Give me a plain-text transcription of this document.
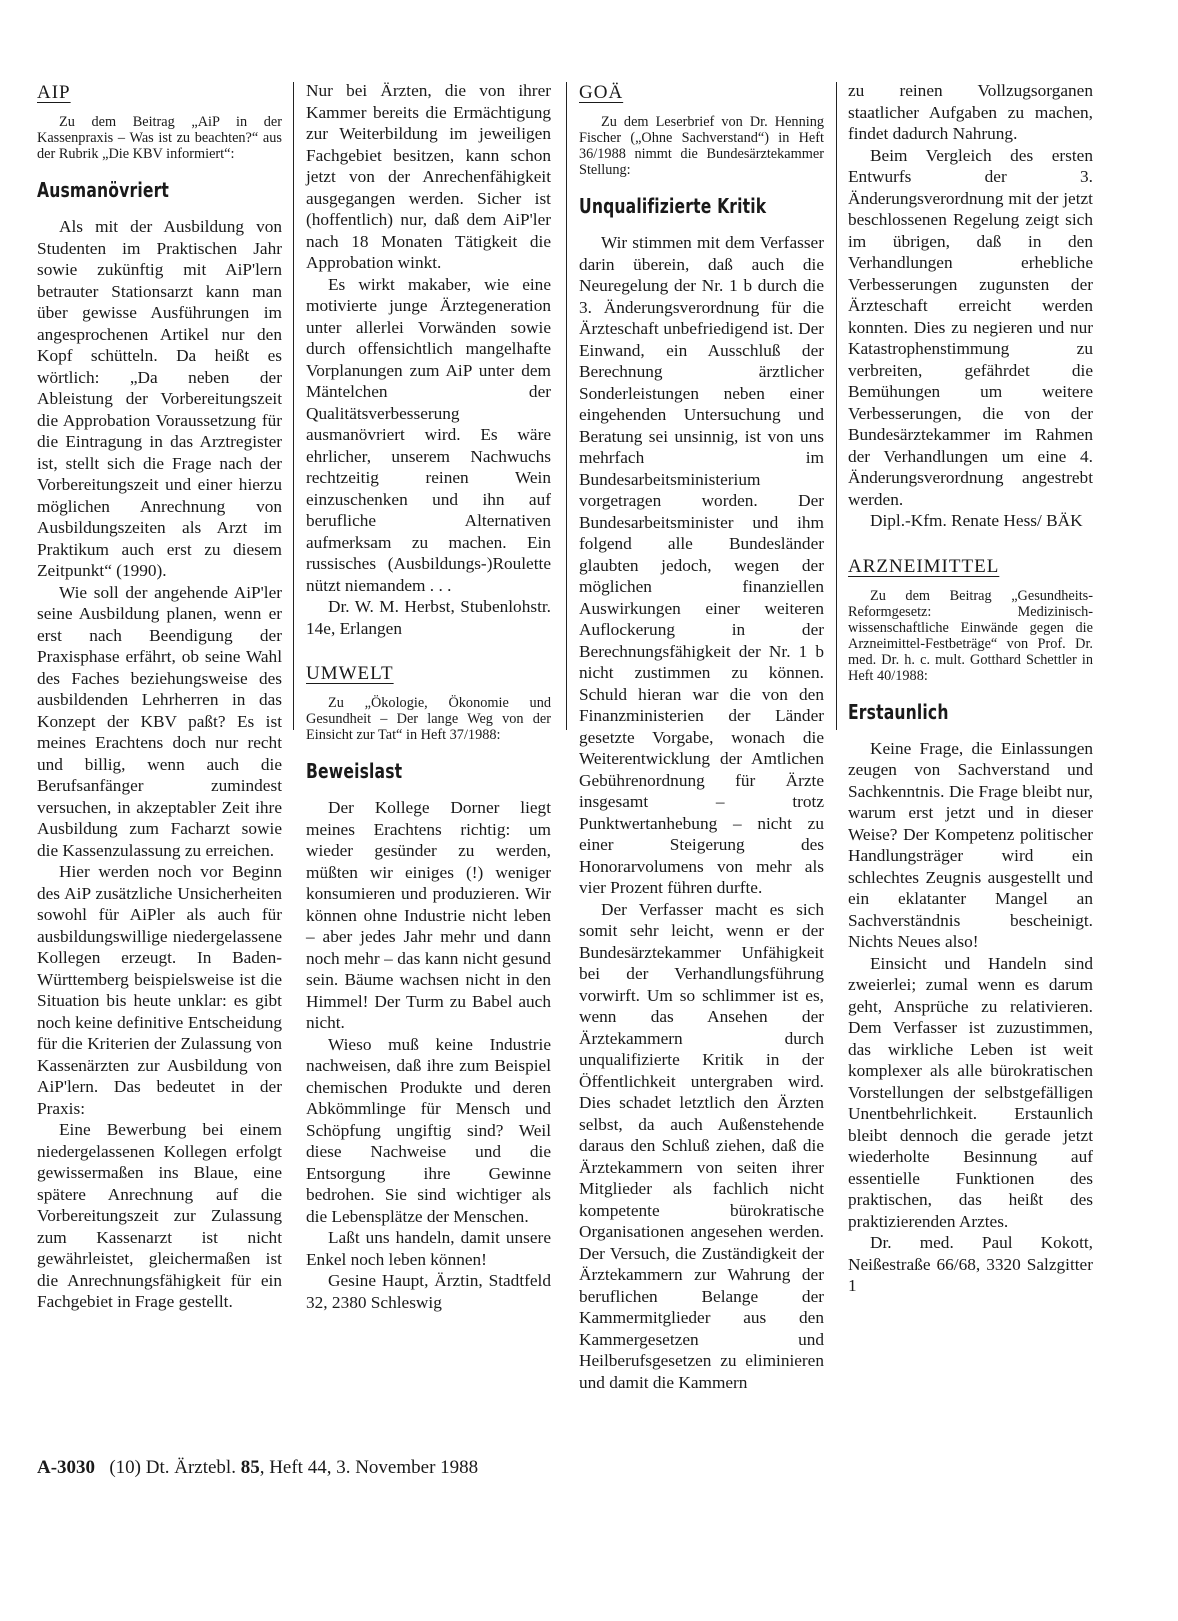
AIP

Zu dem Beitrag „AiP in der Kassenpraxis – Was ist zu beachten?“ aus der Rubrik „Die KBV informiert“:

Ausmanövriert

Als mit der Ausbildung von Studenten im Praktischen Jahr sowie zukünftig mit AiP'lern betrauter Stationsarzt kann man über gewisse Ausführungen im angesprochenen Artikel nur den Kopf schütteln. Da heißt es wörtlich: „Da neben der Ableistung der Vorbereitungszeit die Approbation Voraussetzung für die Eintragung in das Arztregister ist, stellt sich die Frage nach der Vorbereitungszeit und einer hierzu möglichen Anrechnung von Ausbildungszeiten als Arzt im Praktikum auch erst zu diesem Zeitpunkt“ (1990).

Wie soll der angehende AiP'ler seine Ausbildung planen, wenn er erst nach Beendigung der Praxisphase erfährt, ob seine Wahl des Faches beziehungsweise des ausbildenden Lehrherren in das Konzept der KBV paßt? Es ist meines Erachtens doch nur recht und billig, wenn auch die Berufsanfänger zumindest versuchen, in akzeptabler Zeit ihre Ausbildung zum Facharzt sowie die Kassenzulassung zu erreichen.

Hier werden noch vor Beginn des AiP zusätzliche Unsicherheiten sowohl für AiPler als auch für ausbildungswillige niedergelassene Kollegen erzeugt. In Baden-Württemberg beispielsweise ist die Situation bis heute unklar: es gibt noch keine definitive Entscheidung für die Kriterien der Zulassung von Kassenärzten zur Ausbildung von AiP'lern. Das bedeutet in der Praxis:

Eine Bewerbung bei einem niedergelassenen Kollegen erfolgt gewissermaßen ins Blaue, eine spätere Anrechnung auf die Vorbereitungszeit zur Zulassung zum Kassenarzt ist nicht gewährleistet, gleichermaßen ist die Anrechnungsfähigkeit für ein Fachgebiet in Frage gestellt.

Nur bei Ärzten, die von ihrer Kammer bereits die Ermächtigung zur Weiterbildung im jeweiligen Fachgebiet besitzen, kann schon jetzt von der Anrechenfähigkeit ausgegangen werden. Sicher ist (hoffentlich) nur, daß dem AiP'ler nach 18 Monaten Tätigkeit die Approbation winkt.

Es wirkt makaber, wie eine motivierte junge Ärztegeneration unter allerlei Vorwänden sowie durch offensichtlich mangelhafte Vorplanungen zum AiP unter dem Mäntelchen der Qualitätsverbesserung ausmanövriert wird. Es wäre ehrlicher, unserem Nachwuchs rechtzeitig reinen Wein einzuschenken und ihn auf berufliche Alternativen aufmerksam zu machen. Ein russisches (Ausbildungs-)Roulette nützt niemandem . . .

Dr. W. M. Herbst, Stubenlohstr. 14e, Erlangen

UMWELT

Zu „Ökologie, Ökonomie und Gesundheit – Der lange Weg von der Einsicht zur Tat“ in Heft 37/1988:

Beweislast

Der Kollege Dorner liegt meines Erachtens richtig: um wieder gesünder zu werden, müßten wir einiges (!) weniger konsumieren und produzieren. Wir können ohne Industrie nicht leben – aber jedes Jahr mehr und dann noch mehr – das kann nicht gesund sein. Bäume wachsen nicht in den Himmel! Der Turm zu Babel auch nicht.

Wieso muß keine Industrie nachweisen, daß ihre zum Beispiel chemischen Produkte und deren Abkömmlinge für Mensch und Schöpfung ungiftig sind? Weil diese Nachweise und die Entsorgung ihre Gewinne bedrohen. Sie sind wichtiger als die Lebensplätze der Menschen.

Laßt uns handeln, damit unsere Enkel noch leben können!

Gesine Haupt, Ärztin, Stadtfeld 32, 2380 Schleswig

GOÄ

Zu dem Leserbrief von Dr. Henning Fischer („Ohne Sachverstand“) in Heft 36/1988 nimmt die Bundesärztekammer Stellung:

Unqualifizierte Kritik

Wir stimmen mit dem Verfasser darin überein, daß auch die Neuregelung der Nr. 1 b durch die 3. Änderungsverordnung für die Ärzteschaft unbefriedigend ist. Der Einwand, ein Ausschluß der Berechnung ärztlicher Sonderleistungen neben einer eingehenden Untersuchung und Beratung sei unsinnig, ist von uns mehrfach im Bundesarbeitsministerium vorgetragen worden. Der Bundesarbeitsminister und ihm folgend alle Bundesländer glaubten jedoch, wegen der möglichen finanziellen Auswirkungen einer weiteren Auflockerung in der Berechnungsfähigkeit der Nr. 1 b nicht zustimmen zu können. Schuld hieran war die von den Finanzministerien der Länder gesetzte Vorgabe, wonach die Weiterentwicklung der Amtlichen Gebührenordnung für Ärzte insgesamt – trotz Punktwertanhebung – nicht zu einer Steigerung des Honorarvolumens von mehr als vier Prozent führen durfte.

Der Verfasser macht es sich somit sehr leicht, wenn er der Bundesärztekammer Unfähigkeit bei der Verhandlungsführung vorwirft. Um so schlimmer ist es, wenn das Ansehen der Ärztekammern durch unqualifizierte Kritik in der Öffentlichkeit untergraben wird. Dies schadet letztlich den Ärzten selbst, da auch Außenstehende daraus den Schluß ziehen, daß die Ärztekammern von seiten ihrer Mitglieder als fachlich nicht kompetente bürokratische Organisationen angesehen werden. Der Versuch, die Zuständigkeit der Ärztekammern zur Wahrung der beruflichen Belange der Kammermitglieder aus den Kammergesetzen und Heilberufsgesetzen zu eliminieren und damit die Kammern

zu reinen Vollzugsorganen staatlicher Aufgaben zu machen, findet dadurch Nahrung.

Beim Vergleich des ersten Entwurfs der 3. Änderungsverordnung mit der jetzt beschlossenen Regelung zeigt sich im übrigen, daß in den Verhandlungen erhebliche Verbesserungen zugunsten der Ärzteschaft erreicht werden konnten. Dies zu negieren und nur Katastrophenstimmung zu verbreiten, gefährdet die Bemühungen um weitere Verbesserungen, die von der Bundesärztekammer im Rahmen der Verhandlungen um eine 4. Änderungsverordnung angestrebt werden.

Dipl.-Kfm. Renate Hess/ BÄK

ARZNEIMITTEL

Zu dem Beitrag „Gesundheits-Reformgesetz: Medizinisch-wissenschaftliche Einwände gegen die Arzneimittel-Festbeträge“ von Prof. Dr. med. Dr. h. c. mult. Gotthard Schettler in Heft 40/1988:

Erstaunlich

Keine Frage, die Einlassungen zeugen von Sachverstand und Sachkenntnis. Die Frage bleibt nur, warum erst jetzt und in dieser Weise? Der Kompetenz politischer Handlungsträger wird ein schlechtes Zeugnis ausgestellt und ein eklatanter Mangel an Sachverständnis bescheinigt. Nichts Neues also!

Einsicht und Handeln sind zweierlei; zumal wenn es darum geht, Ansprüche zu relativieren. Dem Verfasser ist zuzustimmen, das wirkliche Leben ist weit komplexer als alle bürokratischen Vorstellungen der selbstgefälligen Unentbehrlichkeit. Erstaunlich bleibt dennoch die gerade jetzt wiederholte Besinnung auf essentielle Funktionen des praktischen, das heißt des praktizierenden Arztes.

Dr. med. Paul Kokott, Neißestraße 66/68, 3320 Salzgitter 1

A-3030 (10) Dt. Ärztebl. 85, Heft 44, 3. November 1988
